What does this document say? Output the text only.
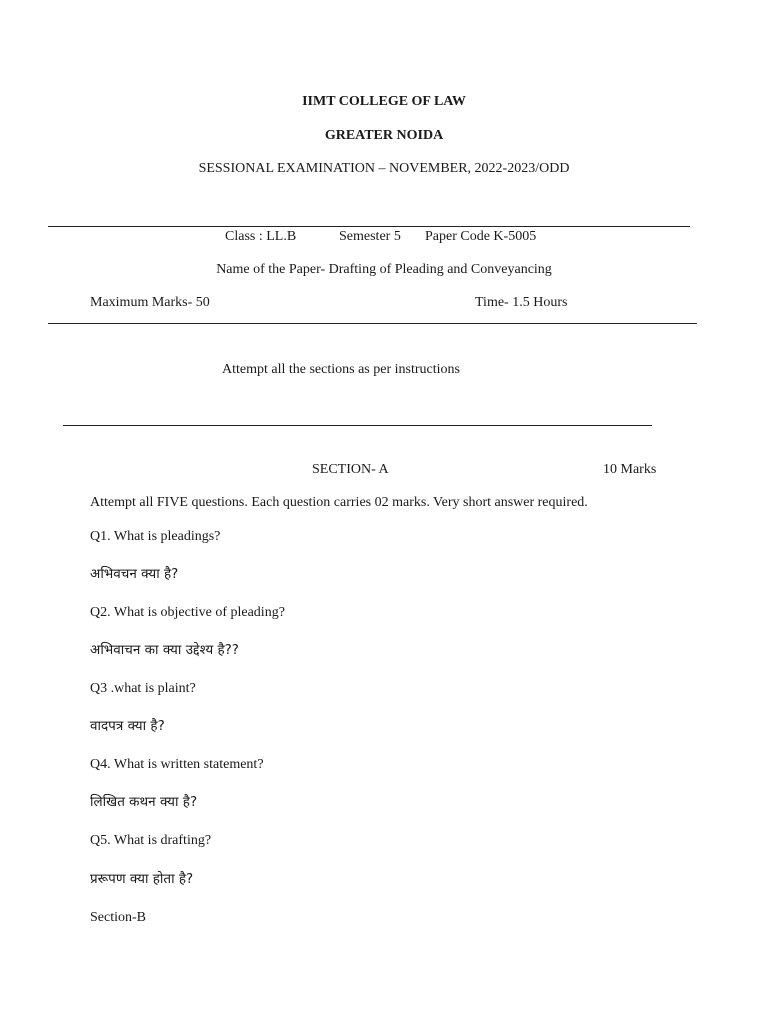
IIMT COLLEGE OF LAW
GREATER NOIDA
SESSIONAL EXAMINATION – NOVEMBER, 2022-2023/ODD
Class : LL.B	Semester 5 Paper Code K-5005
Name of the Paper- Drafting of Pleading and Conveyancing
Maximum Marks- 50	Time- 1.5 Hours
Attempt all the sections as per instructions
SECTION- A	10 Marks
Attempt all FIVE questions. Each question carries 02 marks. Very short answer required.
Q1. What is pleadings?
अभिवचन क्या है?
Q2. What is objective of pleading?
अभिवाचन का क्या उद्देश्य है??
Q3 .what is plaint?
वादपत्र क्या है?
Q4. What is written statement?
लिखित कथन क्या है?
Q5. What is drafting?
प्ररूपण क्या होता है?
Section-B
